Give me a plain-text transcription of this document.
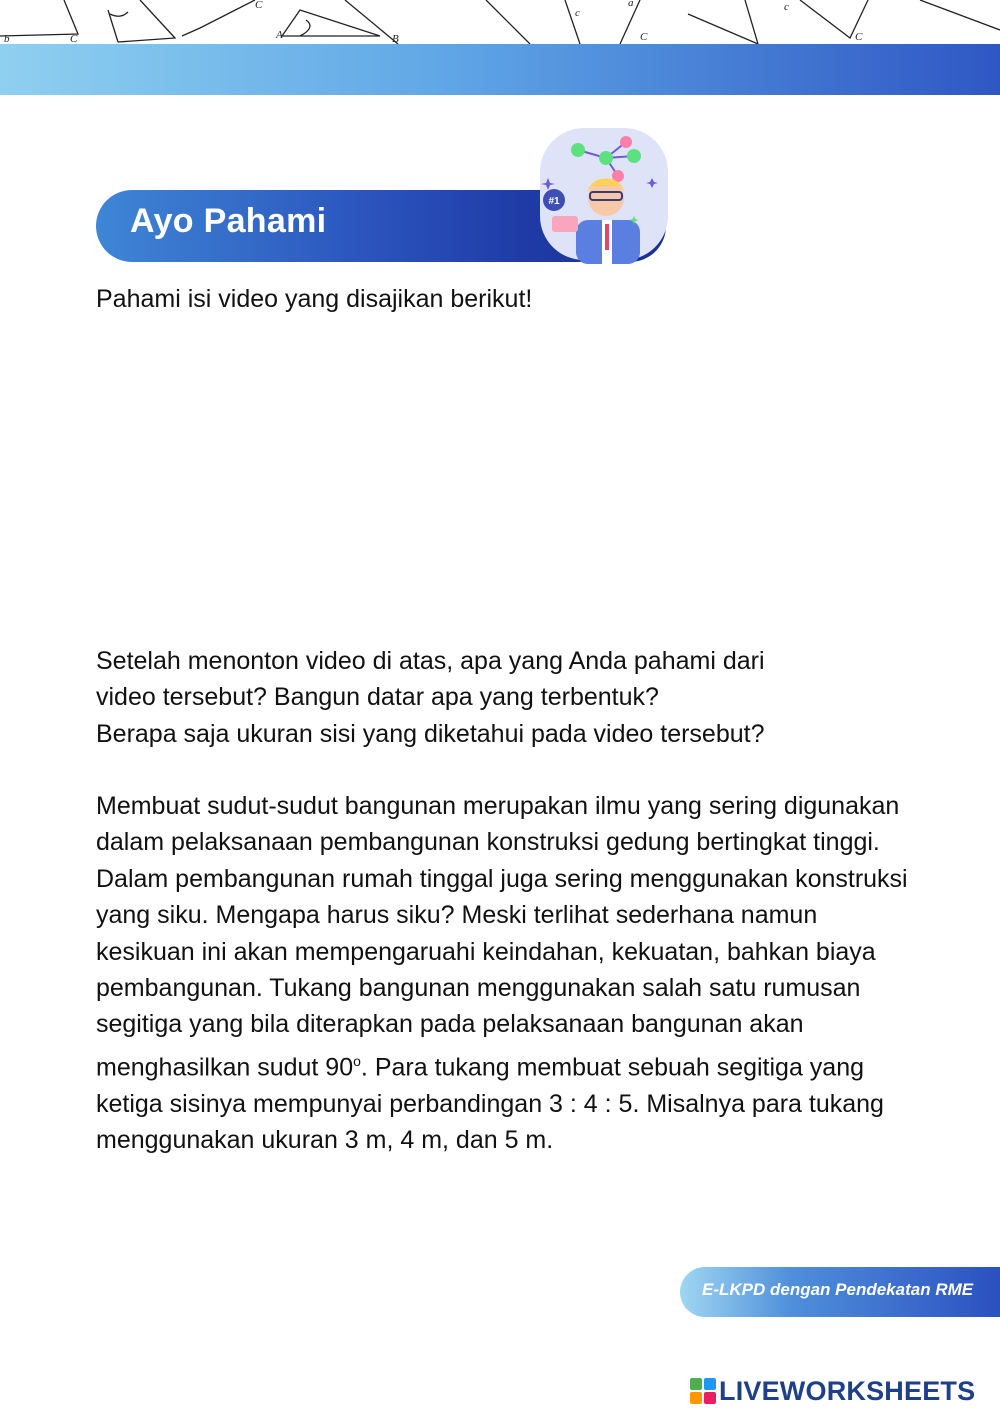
b	C
C
A	B
c
a
C
c
C
Ayo Pahami
#1

Pahami isi video yang disajikan berikut!

Setelah menonton video di atas, apa yang Anda pahami dari
video tersebut? Bangun datar apa yang terbentuk?
Berapa saja ukuran sisi yang diketahui pada video tersebut?

Membuat sudut-sudut bangunan merupakan ilmu yang sering digunakan dalam pelaksanaan pembangunan konstruksi gedung bertingkat tinggi. Dalam pembangunan rumah tinggal juga sering menggunakan konstruksi yang siku. Mengapa harus siku? Meski terlihat sederhana namun kesikuan ini akan mempengaruahi keindahan, kekuatan, bahkan biaya pembangunan. Tukang bangunan menggunakan salah satu rumusan segitiga yang bila diterapkan pada pelaksanaan bangunan akan menghasilkan sudut 90$^o$. Para tukang membuat sebuah segitiga yang ketiga sisinya mempunyai perbandingan 3 : 4 : 5. Misalnya para tukang menggunakan ukuran 3 m, 4 m, dan 5 m.

E-LKPD dengan Pendekatan RME
LIVEWORKSHEETS
